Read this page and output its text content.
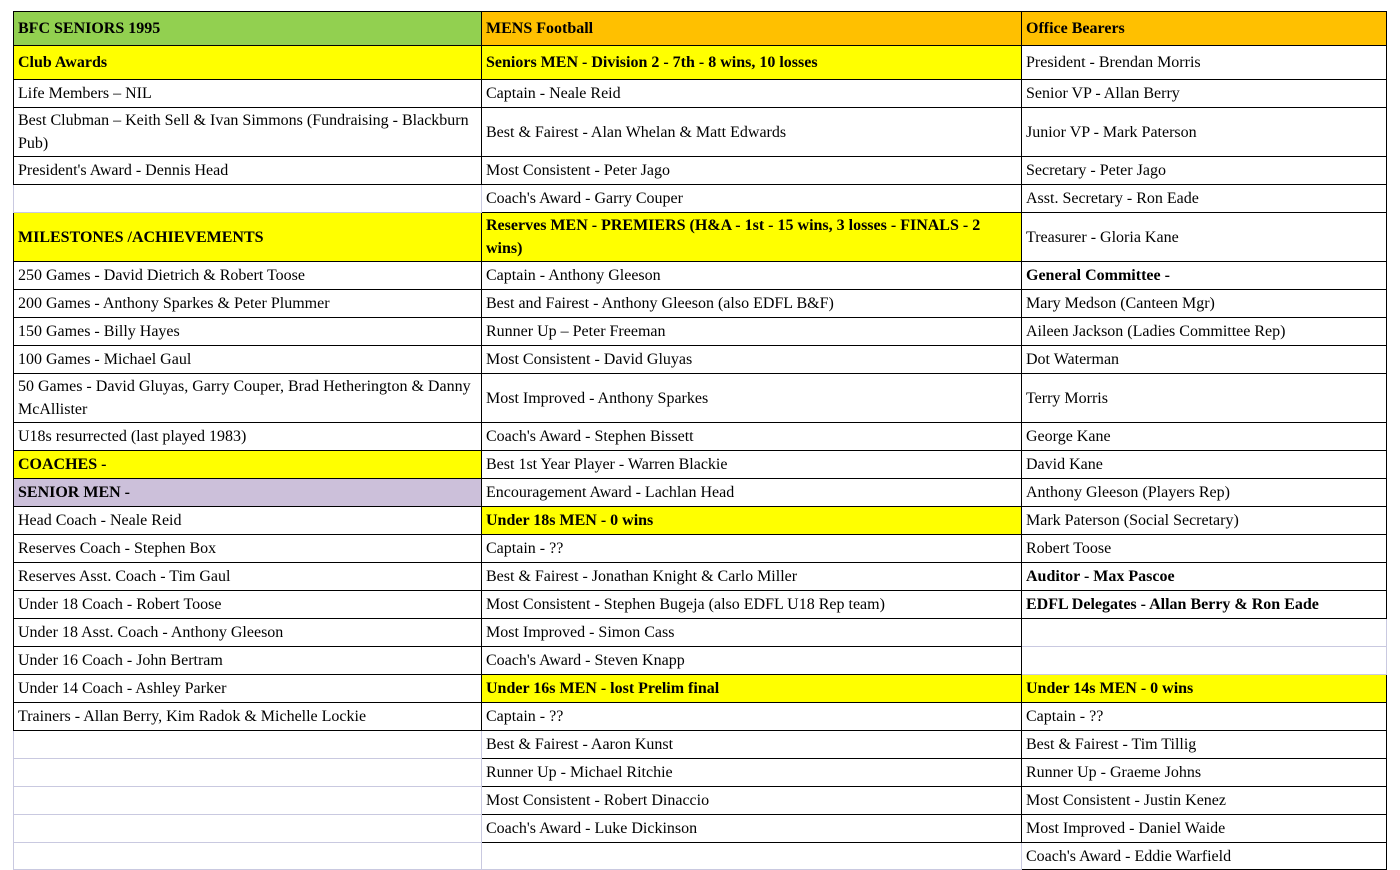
BFC SENIORS 1995	MENS Football	Office Bearers
Club Awards	Seniors MEN - Division 2 - 7th - 8 wins, 10 losses	President - Brendan Morris
Life Members – NIL	Captain - Neale Reid	Senior VP - Allan Berry
Best Clubman – Keith Sell & Ivan Simmons (Fundraising - Blackburn Pub)	Best & Fairest - Alan Whelan & Matt Edwards	Junior VP - Mark Paterson
President's Award - Dennis Head	Most Consistent - Peter Jago	Secretary - Peter Jago
	Coach's Award - Garry Couper	Asst. Secretary - Ron Eade
MILESTONES /ACHIEVEMENTS	Reserves MEN - PREMIERS (H&A - 1st - 15 wins, 3 losses - FINALS - 2 wins)	Treasurer - Gloria Kane
250 Games - David Dietrich & Robert Toose	Captain - Anthony Gleeson	General Committee -
200 Games - Anthony Sparkes & Peter Plummer	Best and Fairest - Anthony Gleeson (also EDFL B&F)	Mary Medson (Canteen Mgr)
150 Games - Billy Hayes	Runner Up – Peter Freeman	Aileen Jackson (Ladies Committee Rep)
100 Games - Michael Gaul	Most Consistent - David Gluyas	Dot Waterman
50 Games - David Gluyas, Garry Couper, Brad Hetherington & Danny McAllister	Most Improved - Anthony Sparkes	Terry Morris
U18s resurrected (last played 1983)	Coach's Award - Stephen Bissett	George Kane
COACHES -	Best 1st Year Player - Warren Blackie	David Kane
SENIOR MEN -	Encouragement Award - Lachlan Head	Anthony Gleeson (Players Rep)
Head Coach - Neale Reid	Under 18s MEN - 0 wins	Mark Paterson (Social Secretary)
Reserves Coach - Stephen Box	Captain - ??	Robert Toose
Reserves Asst. Coach - Tim Gaul	Best & Fairest - Jonathan Knight & Carlo Miller	Auditor - Max Pascoe
Under 18 Coach - Robert Toose	Most Consistent - Stephen Bugeja (also EDFL U18 Rep team)	EDFL Delegates - Allan Berry & Ron Eade
Under 18 Asst. Coach - Anthony Gleeson	Most Improved - Simon Cass	
Under 16 Coach - John Bertram	Coach's Award - Steven Knapp	
Under 14 Coach - Ashley Parker	Under 16s MEN - lost Prelim final	Under 14s MEN - 0 wins
Trainers - Allan Berry, Kim Radok & Michelle Lockie	Captain - ??	Captain - ??
	Best & Fairest - Aaron Kunst	Best & Fairest - Tim Tillig
	Runner Up - Michael Ritchie	Runner Up - Graeme Johns
	Most Consistent - Robert Dinaccio	Most Consistent - Justin Kenez
	Coach's Award - Luke Dickinson	Most Improved - Daniel Waide
		Coach's Award - Eddie Warfield
